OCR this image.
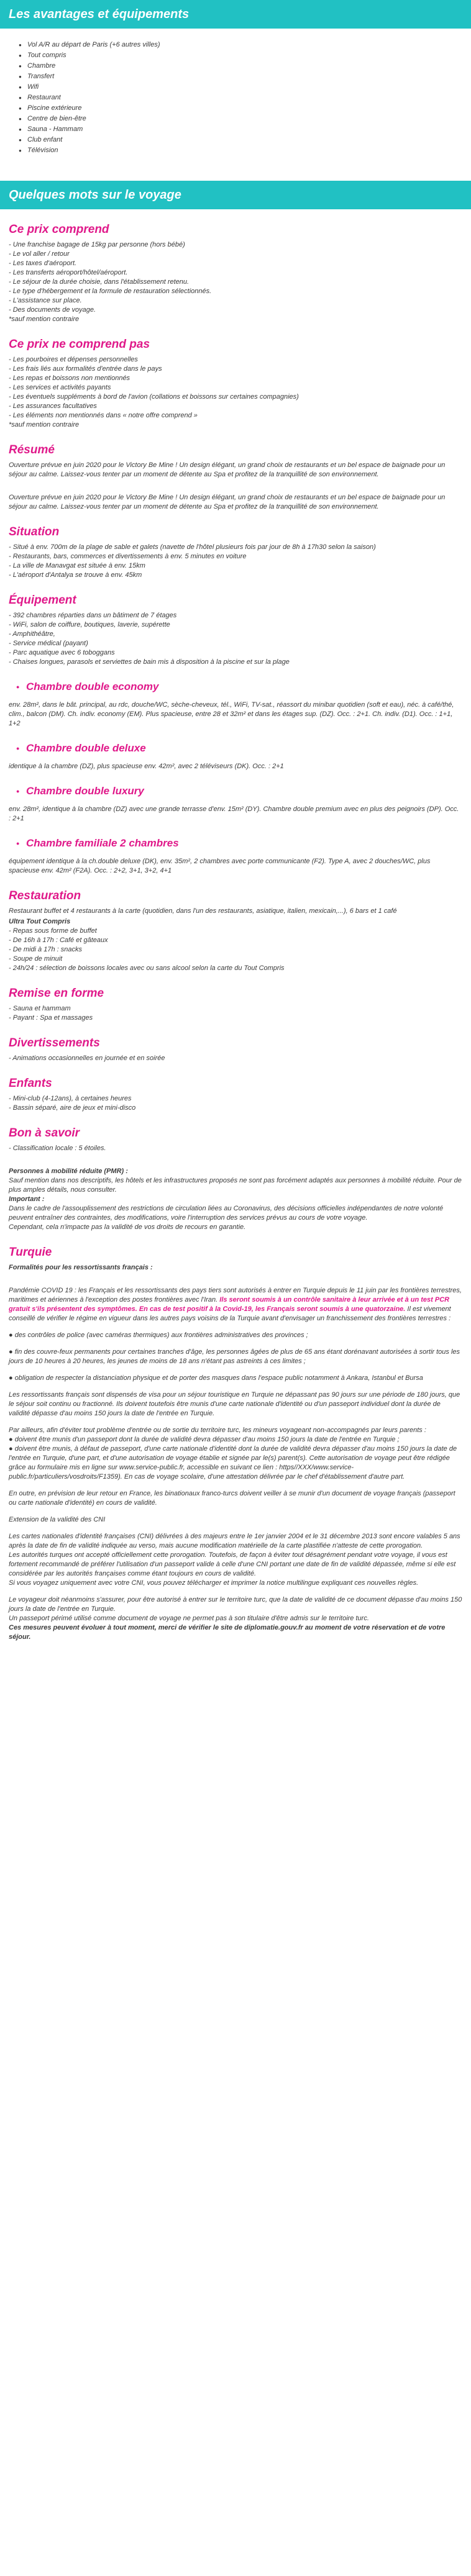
Les avantages et équipements
● Vol A/R au départ de Paris (+6 autres villes)
● Tout compris
● Chambre
● Transfert
● Wifi
● Restaurant
● Piscine extérieure
● Centre de bien-être
● Sauna - Hammam
● Club enfant
● Télévision
Quelques mots sur le voyage
Ce prix comprend
- Une franchise bagage de 15kg par personne (hors bébé)
- Le vol aller / retour
- Les taxes d'aéroport.
- Les transferts aéroport/hôtel/aéroport.
- Le séjour de la durée choisie, dans l'établissement retenu.
- Le type d'hébergement et la formule de restauration sélectionnés.
- L'assistance sur place.
- Des documents de voyage.
*sauf mention contraire
Ce prix ne comprend pas
- Les pourboires et dépenses personnelles
- Les frais liés aux formalités d'entrée dans le pays
- Les repas et boissons non mentionnés
- Les services et activités payants
- Les éventuels suppléments à bord de l'avion (collations et boissons sur certaines compagnies)
- Les assurances facultatives
- Les éléments non mentionnés dans « notre offre comprend »
*sauf mention contraire
Résumé

Ouverture prévue en juin 2020 pour le Victory Be Mine ! Un design élégant, un grand choix de restaurants et un bel espace de baignade pour un séjour au calme. Laissez-vous tenter par un moment de détente au Spa et profitez de la tranquillité de son environnement.

Ouverture prévue en juin 2020 pour le Victory Be Mine ! Un design élégant, un grand choix de restaurants et un bel espace de baignade pour un séjour au calme. Laissez-vous tenter par un moment de détente au Spa et profitez de la tranquillité de son environnement.

Situation
- Situé à env. 700m de la plage de sable et galets (navette de l'hôtel plusieurs fois par jour de 8h à 17h30 selon la saison)
- Restaurants, bars, commerces et divertissements à env. 5 minutes en voiture
- La ville de Manavgat est située à env. 15km
- L'aéroport d'Antalya se trouve à env. 45km
Équipement
- 392 chambres réparties dans un bâtiment de 7 étages
- WiFi, salon de coiffure, boutiques, laverie, supérette
- Amphithéâtre,
- Service médical (payant)
- Parc aquatique avec 6 toboggans
- Chaises longues, parasols et serviettes de bain mis à disposition à la piscine et sur la plage
● Chambre double economy

env. 28m², dans le bât. principal, au rdc, douche/WC, sèche-cheveux, tél., WiFi, TV-sat., réassort du minibar quotidien (soft et eau), néc. à café/thé, clim., balcon (DM). Ch. indiv. economy (EM). Plus spacieuse, entre 28 et 32m² et dans les étages sup. (DZ). Occ. : 2+1. Ch. indiv. (D1). Occ. : 1+1, 1+2

● Chambre double deluxe

identique à la chambre (DZ), plus spacieuse env. 42m², avec 2 téléviseurs (DK). Occ. : 2+1

● Chambre double luxury

env. 28m², identique à la chambre (DZ) avec une grande terrasse d'env. 15m² (DY). Chambre double premium avec en plus des peignoirs (DP). Occ. : 2+1

● Chambre familiale 2 chambres

équipement identique à la ch.double deluxe (DK), env. 35m², 2 chambres avec porte communicante (F2). Type A, avec 2 douches/WC, plus spacieuse env. 42m² (F2A). Occ. : 2+2, 3+1, 3+2, 4+1

Restauration

Restaurant buffet et 4 restaurants à la carte (quotidien, dans l'un des restaurants, asiatique, italien, mexicain,...), 6 bars et 1 café

Ultra Tout Compris
- Repas sous forme de buffet
- De 16h à 17h : Café et gâteaux
- De midi à 17h : snacks
- Soupe de minuit
- 24h/24 : sélection de boissons locales avec ou sans alcool selon la carte du Tout Compris
Remise en forme
- Sauna et hammam
- Payant : Spa et massages
Divertissements
- Animations occasionnelles en journée et en soirée
Enfants
- Mini-club (4-12ans), à certaines heures
- Bassin séparé, aire de jeux et mini-disco
Bon à savoir

- Classification locale : 5 étoiles.

Personnes à mobilité réduite (PMR) :

Sauf mention dans nos descriptifs, les hôtels et les infrastructures proposés ne sont pas forcément adaptés aux personnes à mobilité réduite. Pour de plus amples détails, nous consulter.

Important :

Dans le cadre de l'assouplissement des restrictions de circulation liées au Coronavirus, des décisions officielles indépendantes de notre volonté peuvent entraîner des contraintes, des modifications, voire l'interruption des services prévus au cours de votre voyage.

Cependant, cela n'impacte pas la validité de vos droits de recours en garantie.

Turquie

Formalités pour les ressortissants français :

Pandémie COVID 19 : les Français et les ressortissants des pays tiers sont autorisés à entrer en Turquie depuis le 11 juin par les frontières terrestres, maritimes et aériennes à l'exception des postes frontières avec l'Iran. Ils seront soumis à un contrôle sanitaire à leur arrivée et à un test PCR gratuit s'ils présentent des symptômes. En cas de test positif à la Covid-19, les Français seront soumis à une quatorzaine. Il est vivement conseillé de vérifier le régime en vigueur dans les autres pays voisins de la Turquie avant d'envisager un franchissement des frontières terrestres :

● des contrôles de police (avec caméras thermiques) aux frontières administratives des provinces ;

● fin des couvre-feux permanents pour certaines tranches d'âge, les personnes âgées de plus de 65 ans étant dorénavant autorisées à sortir tous les jours de 10 heures à 20 heures, les jeunes de moins de 18 ans n'étant pas astreints à ces limites ;

● obligation de respecter la distanciation physique et de porter des masques dans l'espace public notamment à Ankara, Istanbul et Bursa

Les ressortissants français sont dispensés de visa pour un séjour touristique en Turquie ne dépassant pas 90 jours sur une période de 180 jours, que le séjour soit continu ou fractionné. Ils doivent toutefois être munis d'une carte nationale d'identité ou d'un passeport individuel dont la durée de validité dépasse d'au moins 150 jours la date de l'entrée en Turquie.

Par ailleurs, afin d'éviter tout problème d'entrée ou de sortie du territoire turc, les mineurs voyageant non-accompagnés par leurs parents :

● doivent être munis d'un passeport dont la durée de validité devra dépasser d'au moins 150 jours la date de l'entrée en Turquie ;

● doivent être munis, à défaut de passeport, d'une carte nationale d'identité dont la durée de validité devra dépasser d'au moins 150 jours la date de l'entrée en Turquie, d'une part, et d'une autorisation de voyage établie et signée par le(s) parent(s). Cette autorisation de voyage peut être rédigée grâce au formulaire mis en ligne sur www.service-public.fr, accessible en suivant ce lien : https//XXX/www.service-public.fr/particuliers/vosdroits/F1359). En cas de voyage scolaire, d'une attestation délivrée par le chef d'établissement d'autre part.

En outre, en prévision de leur retour en France, les binationaux franco-turcs doivent veiller à se munir d'un document de voyage français (passeport ou carte nationale d'identité) en cours de validité.

Extension de la validité des CNI

Les cartes nationales d'identité françaises (CNI) délivrées à des majeurs entre le 1er janvier 2004 et le 31 décembre 2013 sont encore valables 5 ans après la date de fin de validité indiquée au verso, mais aucune modification matérielle de la carte plastifiée n'atteste de cette prorogation.

Les autorités turques ont accepté officiellement cette prorogation. Toutefois, de façon à éviter tout désagrément pendant votre voyage, il vous est fortement recommandé de préférer l'utilisation d'un passeport valide à celle d'une CNI portant une date de fin de validité dépassée, même si elle est considérée par les autorités françaises comme étant toujours en cours de validité.

Si vous voyagez uniquement avec votre CNI, vous pouvez télécharger et imprimer la notice multilingue expliquant ces nouvelles règles.

Le voyageur doit néanmoins s'assurer, pour être autorisé à entrer sur le territoire turc, que la date de validité de ce document dépasse d'au moins 150 jours la date de l'entrée en Turquie.

Un passeport périmé utilisé comme document de voyage ne permet pas à son titulaire d'être admis sur le territoire turc.

Ces mesures peuvent évoluer à tout moment, merci de vérifier le site de diplomatie.gouv.fr au moment de votre réservation et de votre séjour.
